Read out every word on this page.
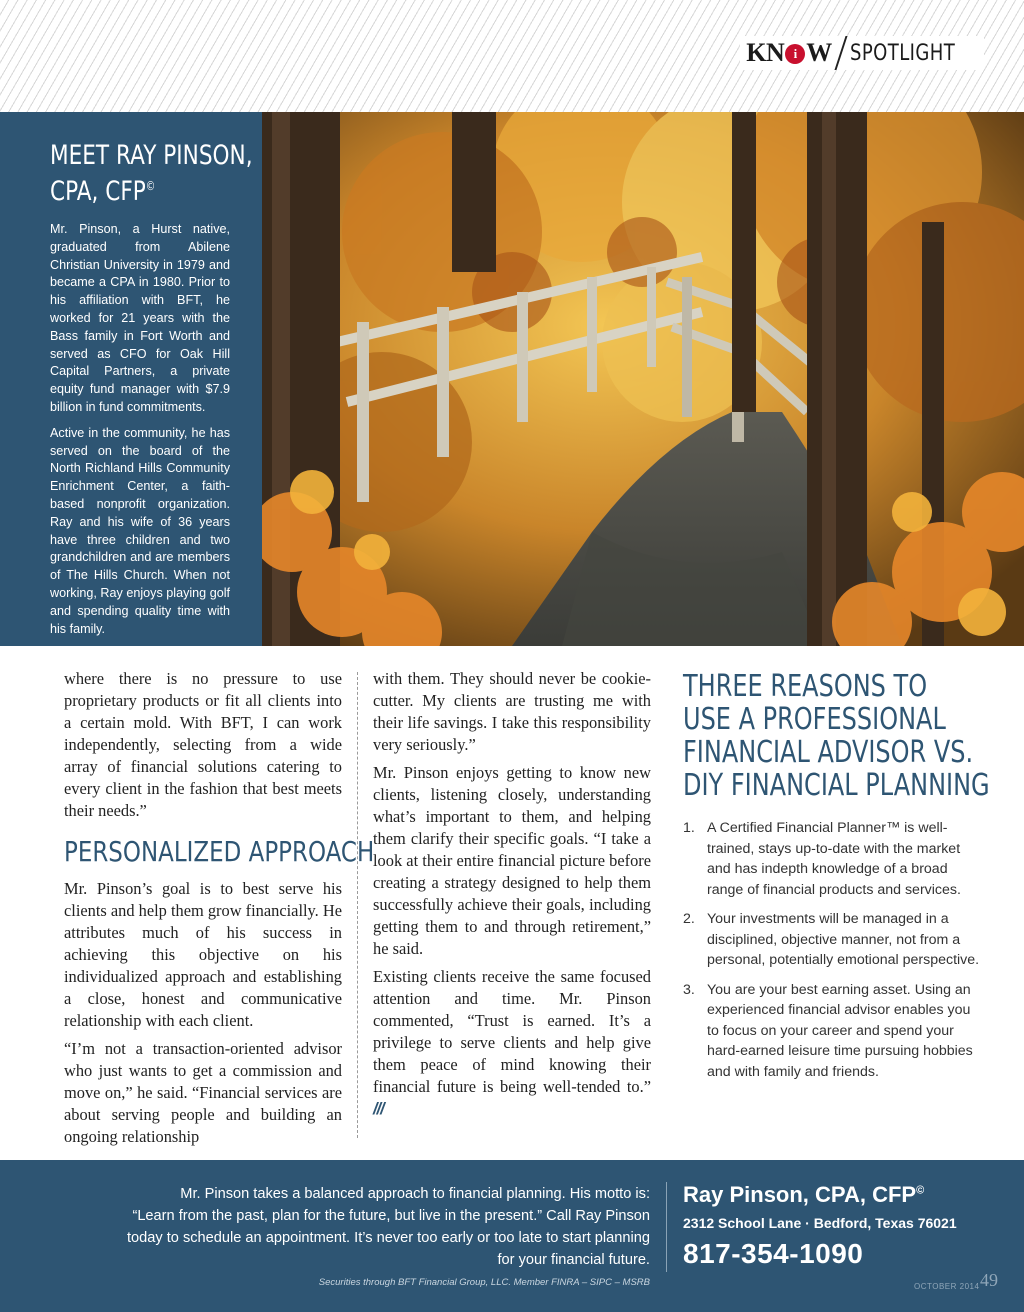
KN i W SPOTLIGHT
MEET RAY PINSON,
CPA, CFP©

Mr. Pinson, a Hurst native, graduated from Abilene Christian University in 1979 and became a CPA in 1980. Prior to his affiliation with BFT, he worked for 21 years with the Bass family in Fort Worth and served as CFO for Oak Hill Capital Partners, a private equity fund manager with $7.9 billion in fund commitments.

Active in the community, he has served on the board of the North Richland Hills Community Enrichment Center, a faith-based nonprofit organization. Ray and his wife of 36 years have three children and two grandchildren and are members of The Hills Church. When not working, Ray enjoys playing golf and spending quality time with his family.

where there is no pressure to use proprietary products or fit all clients into a certain mold. With BFT, I can work independently, selecting from a wide array of financial solutions catering to every client in the fashion that best meets their needs.”

PERSONALIZED APPROACH

Mr. Pinson’s goal is to best serve his clients and help them grow financially. He attributes much of his success in achieving this objective on his individualized approach and establishing a close, honest and communicative relationship with each client.

“I’m not a transaction-oriented advisor who just wants to get a commission and move on,” he said. “Financial services are about serving people and building an ongoing relationship

with them. They should never be cookie-cutter. My clients are trusting me with their life savings. I take this responsibility very seriously.”

Mr. Pinson enjoys getting to know new clients, listening closely, understanding what’s important to them, and helping them clarify their specific goals. “I take a look at their entire financial picture before creating a strategy designed to help them successfully achieve their goals, including getting them to and through retirement,” he said.

Existing clients receive the same focused attention and time. Mr. Pinson commented, “Trust is earned. It’s a privilege to serve clients and help give them peace of mind knowing their financial future is being well-tended to.” ///

THREE REASONS TO
USE A PROFESSIONAL
FINANCIAL ADVISOR VS.
DIY FINANCIAL PLANNING
1. A Certified Financial Planner™ is well-trained, stays up-to-date with the market and has indepth knowledge of a broad range of financial products and services.
2. Your investments will be managed in a disciplined, objective manner, not from a personal, potentially emotional perspective.
3. You are your best earning asset. Using an experienced financial advisor enables you to focus on your career and spend your hard-earned leisure time pursuing hobbies and with family and friends.
Mr. Pinson takes a balanced approach to financial planning. His motto is:
“Learn from the past, plan for the future, but live in the present.” Call Ray Pinson
today to schedule an appointment. It’s never too early or too late to start planning
for your financial future.
Ray Pinson, CPA, CFP©
2312 School Lane · Bedford, Texas 76021
817-354-1090
Securities through BFT Financial Group, LLC. Member FINRA – SIPC – MSRB	OCTOBER 2014 49
